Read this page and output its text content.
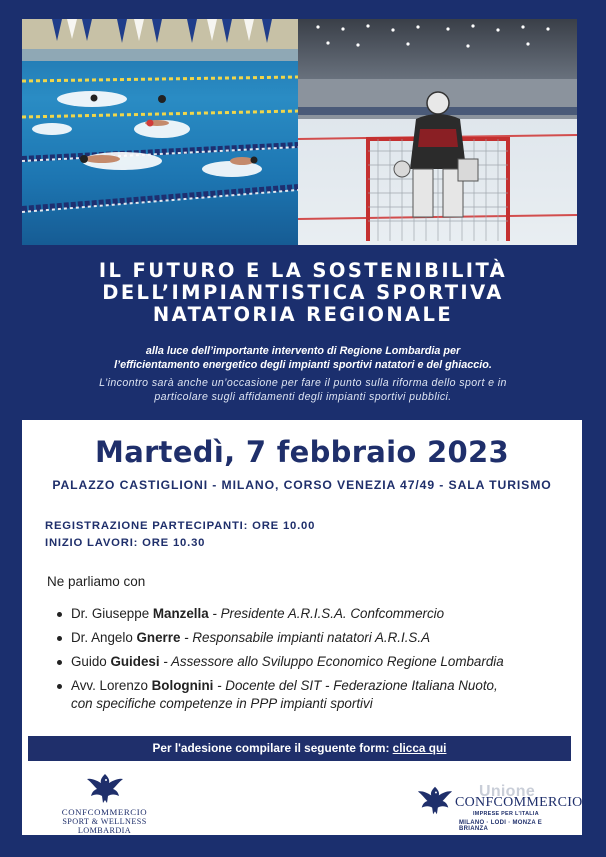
IL FUTURO E LA SOSTENIBILITÀ
DELL’IMPIANTISTICA SPORTIVA
NATATORIA REGIONALE
alla luce dell’importante intervento di Regione Lombardia per
l’efficientamento energetico degli impianti sportivi natatori e del ghiaccio.
L’incontro sarà anche un’occasione per fare il punto sulla riforma dello sport e in
particolare sugli affidamenti degli impianti sportivi pubblici.
Martedì, 7 febbraio 2023
PALAZZO CASTIGLIONI - MILANO, CORSO VENEZIA 47/49 - SALA TURISMO
REGISTRAZIONE PARTECIPANTI: ORE 10.00
INIZIO LAVORI: ORE 10.30
Ne parliamo con
Dr. Giuseppe Manzella - Presidente A.R.I.S.A. Confcommercio
Dr. Angelo Gnerre - Responsabile impianti natatori A.R.I.S.A
Guido Guidesi - Assessore allo Sviluppo Economico Regione Lombardia
Avv. Lorenzo Bolognini - Docente del SIT - Federazione Italiana Nuoto,
con specifiche competenze in PPP impianti sportivi
Per l'adesione compilare il seguente form: clicca qui
CONFCOMMERCIO
SPORT & WELLNESS LOMBARDIA
Unione
CONFCOMMERCIO
IMPRESE PER L'ITALIA
MILANO · LODI · MONZA E BRIANZA
